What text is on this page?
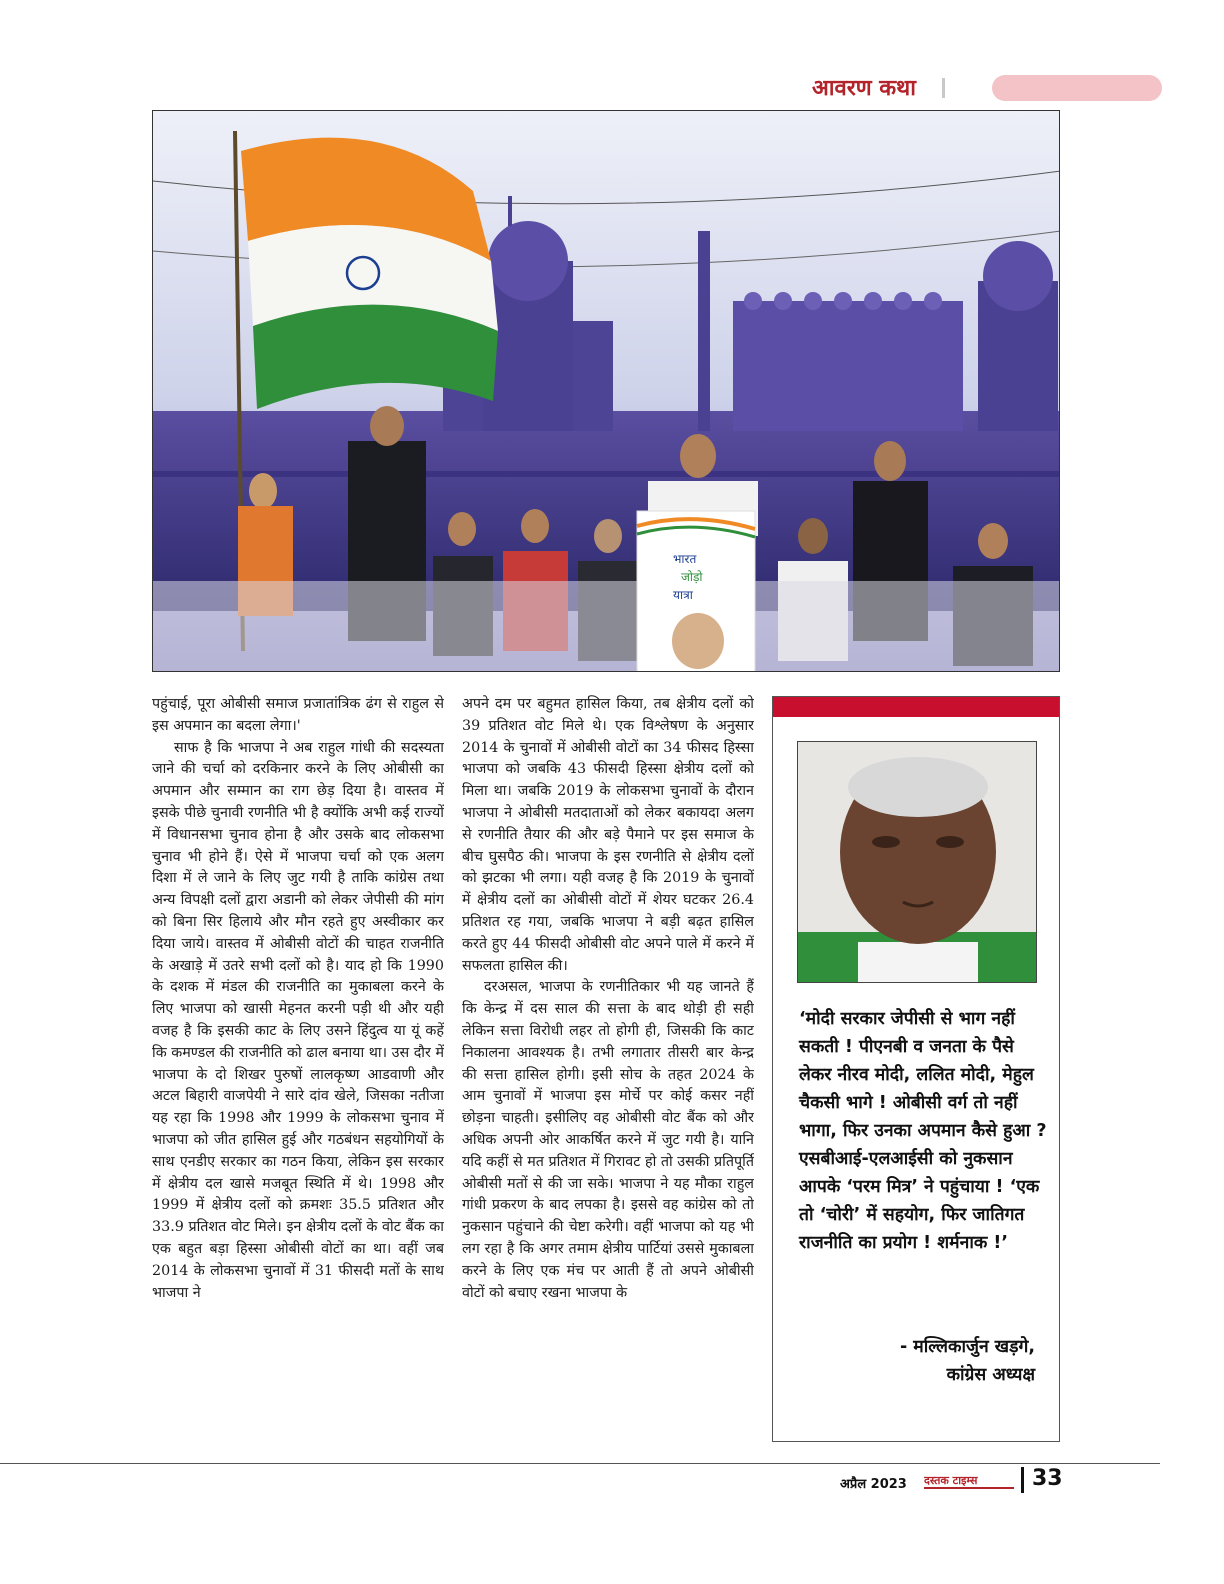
आवरण कथा
भारत
जोड़ो
यात्रा

पहुंचाई, पूरा ओबीसी समाज प्रजातांत्रिक ढंग से राहुल से इस अपमान का बदला लेगा।'

साफ है कि भाजपा ने अब राहुल गांधी की सदस्यता जाने की चर्चा को दरकिनार करने के लिए ओबीसी का अपमान और सम्मान का राग छेड़ दिया है। वास्तव में इसके पीछे चुनावी रणनीति भी है क्योंकि अभी कई राज्यों में विधानसभा चुनाव होना है और उसके बाद लोकसभा चुनाव भी होने हैं। ऐसे में भाजपा चर्चा को एक अलग दिशा में ले जाने के लिए जुट गयी है ताकि कांग्रेस तथा अन्य विपक्षी दलों द्वारा अडानी को लेकर जेपीसी की मांग को बिना सिर हिलाये और मौन रहते हुए अस्वीकार कर दिया जाये। वास्तव में ओबीसी वोटों की चाहत राजनीति के अखाड़े में उतरे सभी दलों को है। याद हो कि 1990 के दशक में मंडल की राजनीति का मुकाबला करने के लिए भाजपा को खासी मेहनत करनी पड़ी थी और यही वजह है कि इसकी काट के लिए उसने हिंदुत्व या यूं कहें कि कमण्डल की राजनीति को ढाल बनाया था। उस दौर में भाजपा के दो शिखर पुरुषों लालकृष्ण आडवाणी और अटल बिहारी वाजपेयी ने सारे दांव खेले, जिसका नतीजा यह रहा कि 1998 और 1999 के लोकसभा चुनाव में भाजपा को जीत हासिल हुई और गठबंधन सहयोगियों के साथ एनडीए सरकार का गठन किया, लेकिन इस सरकार में क्षेत्रीय दल खासे मजबूत स्थिति में थे। 1998 और 1999 में क्षेत्रीय दलों को क्रमशः 35.5 प्रतिशत और 33.9 प्रतिशत वोट मिले। इन क्षेत्रीय दलों के वोट बैंक का एक बहुत बड़ा हिस्सा ओबीसी वोटों का था। वहीं जब 2014 के लोकसभा चुनावों में 31 फीसदी मतों के साथ भाजपा ने

अपने दम पर बहुमत हासिल किया, तब क्षेत्रीय दलों को 39 प्रतिशत वोट मिले थे। एक विश्लेषण के अनुसार 2014 के चुनावों में ओबीसी वोटों का 34 फीसद हिस्सा भाजपा को जबकि 43 फीसदी हिस्सा क्षेत्रीय दलों को मिला था। जबकि 2019 के लोकसभा चुनावों के दौरान भाजपा ने ओबीसी मतदाताओं को लेकर बकायदा अलग से रणनीति तैयार की और बड़े पैमाने पर इस समाज के बीच घुसपैठ की। भाजपा के इस रणनीति से क्षेत्रीय दलों को झटका भी लगा। यही वजह है कि 2019 के चुनावों में क्षेत्रीय दलों का ओबीसी वोटों में शेयर घटकर 26.4 प्रतिशत रह गया, जबकि भाजपा ने बड़ी बढ़त हासिल करते हुए 44 फीसदी ओबीसी वोट अपने पाले में करने में सफलता हासिल की।

दरअसल, भाजपा के रणनीतिकार भी यह जानते हैं कि केन्द्र में दस साल की सत्ता के बाद थोड़ी ही सही लेकिन सत्ता विरोधी लहर तो होगी ही, जिसकी कि काट निकालना आवश्यक है। तभी लगातार तीसरी बार केन्द्र की सत्ता हासिल होगी। इसी सोच के तहत 2024 के आम चुनावों में भाजपा इस मोर्चे पर कोई कसर नहीं छोड़ना चाहती। इसीलिए वह ओबीसी वोट बैंक को और अधिक अपनी ओर आकर्षित करने में जुट गयी है। यानि यदि कहीं से मत प्रतिशत में गिरावट हो तो उसकी प्रतिपूर्ति ओबीसी मतों से की जा सके। भाजपा ने यह मौका राहुल गांधी प्रकरण के बाद लपका है। इससे वह कांग्रेस को तो नुकसान पहुंचाने की चेष्टा करेगी। वहीं भाजपा को यह भी लग रहा है कि अगर तमाम क्षेत्रीय पार्टियां उससे मुकाबला करने के लिए एक मंच पर आती हैं तो अपने ओबीसी वोटों को बचाए रखना भाजपा के

‘मोदी सरकार जेपीसी से भाग नहीं सकती ! पीएनबी व जनता के पैसे लेकर नीरव मोदी, ललित मोदी, मेहुल चैकसी भागे ! ओबीसी वर्ग तो नहीं भागा, फिर उनका अपमान कैसे हुआ ? एसबीआई-एलआईसी को नुकसान आपके ‘परम मित्र’ ने पहुंचाया ! ‘एक तो ‘चोरी’ में सहयोग, फिर जातिगत राजनीति का प्रयोग ! शर्मनाक !’
- मल्लिकार्जुन खड़गे,
कांग्रेस अध्यक्ष
अप्रैल 2023	दस्तक टाइम्स	33
